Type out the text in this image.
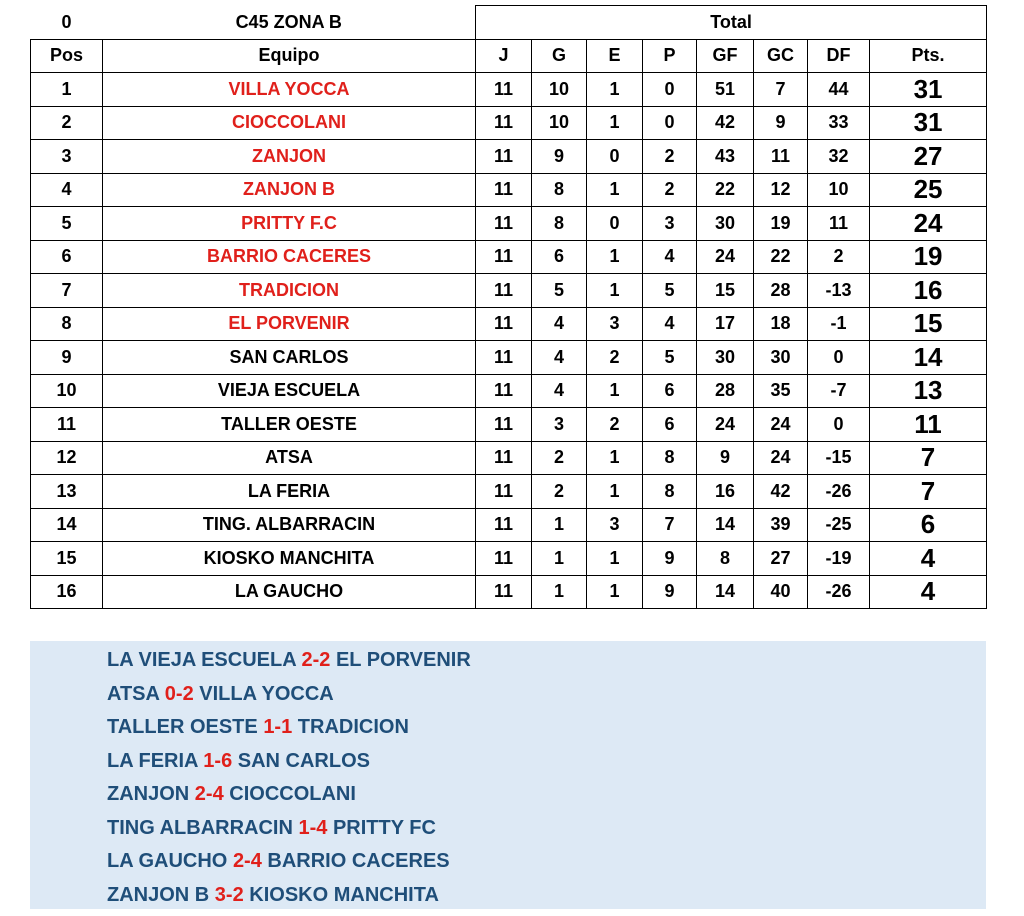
0	C45 ZONA B	Total							
Pos	Equipo	J	G	E	P	GF	GC	DF	Pts.
1	VILLA YOCCA	11	10	1	0	51	7	44	31
2	CIOCCOLANI	11	10	1	0	42	9	33	31
3	ZANJON	11	9	0	2	43	11	32	27
4	ZANJON B	11	8	1	2	22	12	10	25
5	PRITTY F.C	11	8	0	3	30	19	11	24
6	BARRIO CACERES	11	6	1	4	24	22	2	19
7	TRADICION	11	5	1	5	15	28	-13	16
8	EL PORVENIR	11	4	3	4	17	18	-1	15
9	SAN CARLOS	11	4	2	5	30	30	0	14
10	VIEJA ESCUELA	11	4	1	6	28	35	-7	13
11	TALLER OESTE	11	3	2	6	24	24	0	11
12	ATSA	11	2	1	8	9	24	-15	7
13	LA FERIA	11	2	1	8	16	42	-26	7
14	TING. ALBARRACIN	11	1	3	7	14	39	-25	6
15	KIOSKO MANCHITA	11	1	1	9	8	27	-19	4
16	LA GAUCHO	11	1	1	9	14	40	-26	4
LA VIEJA ESCUELA 2-2 EL PORVENIR
ATSA 0-2 VILLA YOCCA
TALLER OESTE 1-1 TRADICION
LA FERIA 1-6 SAN CARLOS
ZANJON 2-4 CIOCCOLANI
TING ALBARRACIN 1-4 PRITTY FC
LA GAUCHO 2-4 BARRIO CACERES
ZANJON B 3-2 KIOSKO MANCHITA
